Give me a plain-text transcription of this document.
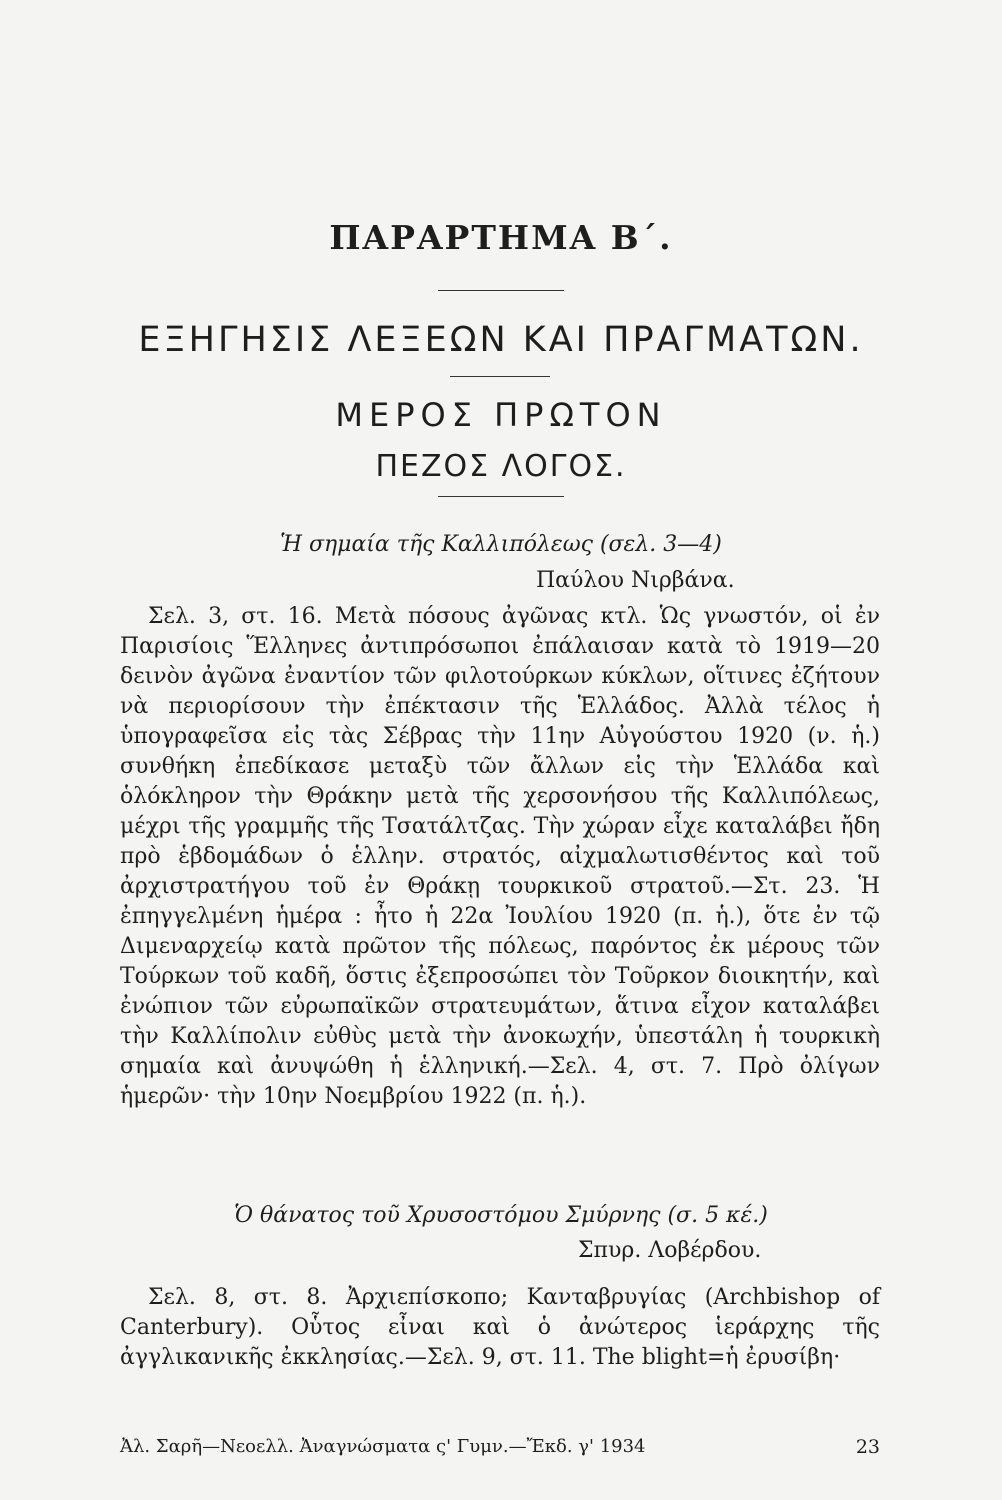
ΠΑΡΑΡΤΗΜΑ Β΄.
ΕΞΗΓΗΣΙΣ ΛΕΞΕΩΝ ΚΑΙ ΠΡΑΓΜΑΤΩΝ.
ΜΕΡΟΣ ΠΡΩΤΟΝ
ΠΕΖΟΣ ΛΟΓΟΣ.
Ἡ σημαία τῆς Καλλιπόλεως (σελ. 3—4)
Παύλου Νιρβάνα.

Σελ. 3, στ. 16. Μετὰ πόσους ἀγῶνας κτλ. Ὡς γνωστόν, οἱ ἐν Παρισίοις Ἕλληνες ἀντιπρόσωποι ἐπάλαισαν κατὰ τὸ 1919—20 δεινὸν ἀγῶνα ἐναντίον τῶν φιλοτούρκων κύκλων, οἵτινες ἐζήτουν νὰ περιορίσουν τὴν ἐπέκτασιν τῆς Ἑλλάδος. Ἀλλὰ τέλος ἡ ὑπογραφεῖσα εἰς τὰς Σέβρας τὴν 11ην Αὐγούστου 1920 (ν. ἡ.) συνθήκη ἐπεδίκασε μεταξὺ τῶν ἄλλων εἰς τὴν Ἑλλάδα καὶ ὁλόκληρον τὴν Θράκην μετὰ τῆς χερσονήσου τῆς Καλλιπόλεως, μέχρι τῆς γραμμῆς τῆς Τσατάλτζας. Τὴν χώραν εἶχε καταλάβει ἤδη πρὸ ἑβδομάδων ὁ ἑλλην. στρατός, αἰχμαλωτισθέντος καὶ τοῦ ἀρχιστρατήγου τοῦ ἐν Θράκῃ τουρκικοῦ στρατοῦ.—Στ. 23. Ἡ ἐπηγγελμένη ἡμέρα : ἦτο ἡ 22α Ἰουλίου 1920 (π. ἡ.), ὅτε ἐν τῷ Διμεναρχείῳ κατὰ πρῶτον τῆς πόλεως, παρόντος ἐκ μέρους τῶν Τούρκων τοῦ καδῆ, ὅστις ἐξεπροσώπει τὸν Τοῦρκον διοικητήν, καὶ ἐνώπιον τῶν εὐρωπαϊκῶν στρατευμάτων, ἅτινα εἶχον καταλάβει τὴν Καλλίπολιν εὐθὺς μετὰ τὴν ἀνοκωχήν, ὑπεστάλη ἡ τουρκικὴ σημαία καὶ ἀνυψώθη ἡ ἑλληνική.—Σελ. 4, στ. 7. Πρὸ ὀλίγων ἡμερῶν· τὴν 10ην Νοεμβρίου 1922 (π. ἡ.).

Ὁ θάνατος τοῦ Χρυσοστόμου Σμύρνης (σ. 5 κέ.)
Σπυρ. Λοβέρδου.

Σελ. 8, στ. 8. Ἀρχιεπίσκοπο; Κανταβρυγίας (Archbishop of Canterbury). Οὗτος εἶναι καὶ ὁ ἀνώτερος ἱεράρχης τῆς ἀγγλικανικῆς ἐκκλησίας.—Σελ. 9, στ. 11. The blight=ἡ ἐρυσίβη·

Ἀλ. Σαρῆ—Νεοελλ. Ἀναγνώσματα ς' Γυμν.—Ἔκδ. γ' 1934	23
